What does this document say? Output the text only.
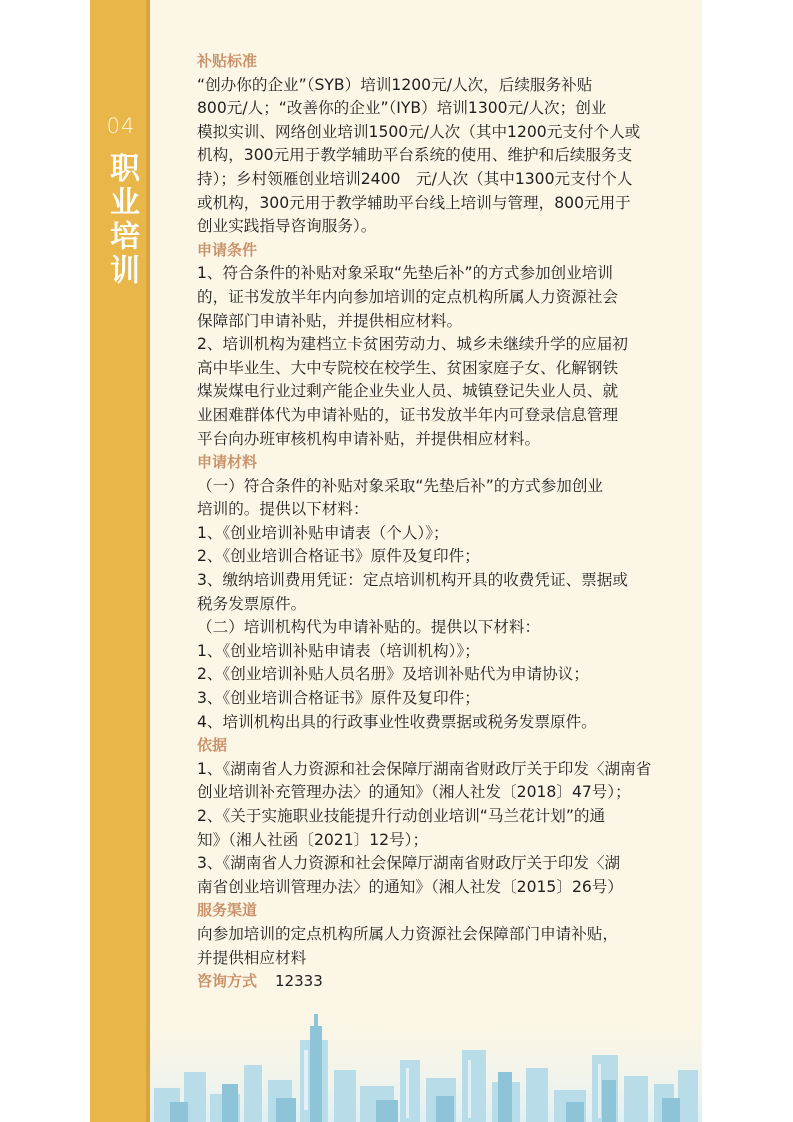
04
职业培训
补贴标准
“创办你的企业”（SYB）培训1200元/人次，后续服务补贴
800元/人；“改善你的企业”（IYB）培训1300元/人次；创业
模拟实训、网络创业培训1500元/人次（其中1200元支付个人或
机构，300元用于教学辅助平台系统的使用、维护和后续服务支
持）；乡村领雁创业培训2400　元/人次（其中1300元支付个人
或机构，300元用于教学辅助平台线上培训与管理，800元用于
创业实践指导咨询服务）。
申请条件
1、符合条件的补贴对象采取“先垫后补”的方式参加创业培训
的，证书发放半年内向参加培训的定点机构所属人力资源社会
保障部门申请补贴，并提供相应材料。
2、培训机构为建档立卡贫困劳动力、城乡未继续升学的应届初
高中毕业生、大中专院校在校学生、贫困家庭子女、化解钢铁
煤炭煤电行业过剩产能企业失业人员、城镇登记失业人员、就
业困难群体代为申请补贴的，证书发放半年内可登录信息管理
平台向办班审核机构申请补贴，并提供相应材料。
申请材料
（一）符合条件的补贴对象采取“先垫后补”的方式参加创业
培训的。提供以下材料：
1、《创业培训补贴申请表（个人）》；
2、《创业培训合格证书》原件及复印件；
3、缴纳培训费用凭证：定点培训机构开具的收费凭证、票据或
税务发票原件。
（二）培训机构代为申请补贴的。提供以下材料：
1、《创业培训补贴申请表（培训机构）》；
2、《创业培训补贴人员名册》及培训补贴代为申请协议；
3、《创业培训合格证书》原件及复印件；
4、培训机构出具的行政事业性收费票据或税务发票原件。
依据
1、《湖南省人力资源和社会保障厅湖南省财政厅关于印发〈湖南省
创业培训补充管理办法〉的通知》（湘人社发〔2018〕47号）；
2、《关于实施职业技能提升行动创业培训“马兰花计划”的通
知》（湘人社函〔2021〕12号）；
3、《湖南省人力资源和社会保障厅湖南省财政厅关于印发〈湖
南省创业培训管理办法〉的通知》（湘人社发〔2015〕26号）
服务渠道
向参加培训的定点机构所属人力资源社会保障部门申请补贴，
并提供相应材料
咨询方式 12333
